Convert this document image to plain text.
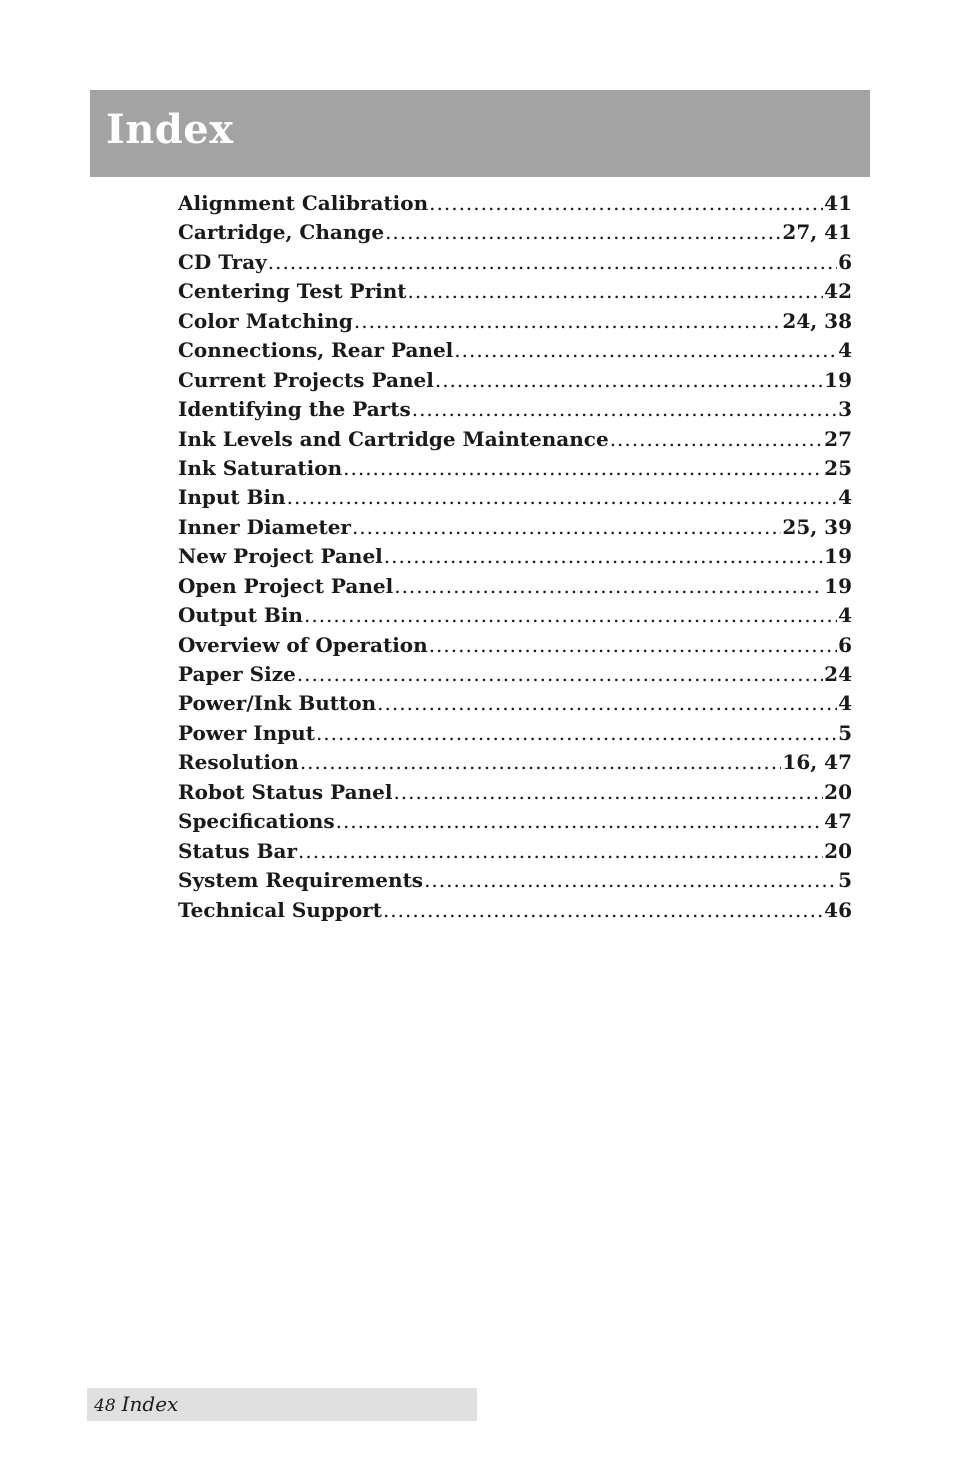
Index
Alignment Calibration .....	41
Cartridge, Change .....	27, 41
CD Tray .....	6
Centering Test Print .....	42
Color Matching .....	24, 38
Connections, Rear Panel .....	4
Current Projects Panel .....	19
Identifying the Parts .....	3
Ink Levels and Cartridge Maintenance .....	27
Ink Saturation .....	25
Input Bin .....	4
Inner Diameter .....	25, 39
New Project Panel .....	19
Open Project Panel .....	19
Output Bin .....	4
Overview of Operation .....	6
Paper Size .....	24
Power/Ink Button .....	4
Power Input .....	5
Resolution .....	16, 47
Robot Status Panel .....	20
Specifications .....	47
Status Bar .....	20
System Requirements .....	5
Technical Support .....	46
48 Index
